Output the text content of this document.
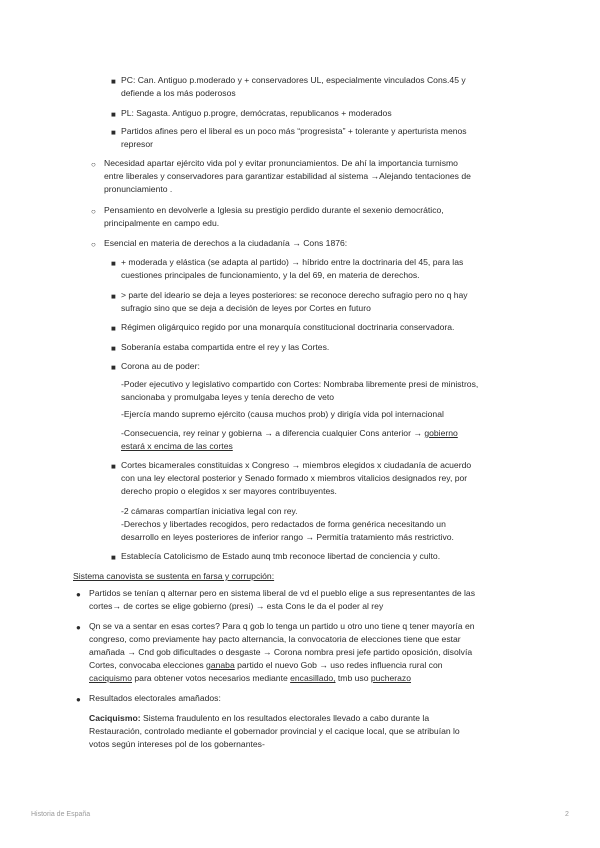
■ PC: Can. Antiguo p.moderado y + conservadores UL, especialmente vinculados Cons.45 y
defiende a los más poderosos
■ PL: Sagasta. Antiguo p.progre, demócratas, republicanos + moderados
■ Partidos afines pero el liberal es un poco más “progresista” + tolerante y aperturista menos
represor
○ Necesidad apartar ejército vida pol y evitar pronunciamientos. De ahí la importancia turnismo
entre liberales y conservadores para garantizar estabilidad al sistema →Alejando tentaciones de
pronunciamiento .
○ Pensamiento en devolverle a Iglesia su prestigio perdido durante el sexenio democrático,
principalmente en campo edu.
○ Esencial en materia de derechos a la ciudadanía → Cons 1876:
■ + moderada y elástica (se adapta al partido) → híbrido entre la doctrinaria del 45, para las
cuestiones principales de funcionamiento, y la del 69, en materia de derechos.
■ > parte del ideario se deja a leyes posteriores: se reconoce derecho sufragio pero no q hay
sufragio sino que se deja a decisión de leyes por Cortes en futuro
■ Régimen oligárquico regido por una monarquía constitucional doctrinaria conservadora.
■ Soberanía estaba compartida entre el rey y las Cortes.
■ Corona au de poder:
-Poder ejecutivo y legislativo compartido con Cortes: Nombraba libremente presi de ministros,
sancionaba y promulgaba leyes y tenía derecho de veto
-Ejercía mando supremo ejército (causa muchos prob) y dirigía vida pol internacional
-Consecuencia, rey reinar y gobierna → a diferencia cualquier Cons anterior → gobierno
estará x encima de las cortes
■ Cortes bicamerales constituidas x Congreso → miembros elegidos x ciudadanía de acuerdo
con una ley electoral posterior y Senado formado x miembros vitalicios designados rey, por
derecho propio o elegidos x ser mayores contribuyentes.
-2 cámaras compartían iniciativa legal con rey.
-Derechos y libertades recogidos, pero redactados de forma genérica necesitando un
desarrollo en leyes posteriores de inferior rango → Permitía tratamiento más restrictivo.
■ Establecía Catolicismo de Estado aunq tmb reconoce libertad de conciencia y culto.
Sistema canovista se sustenta en farsa y corrupción:
● Partidos se tenían q alternar pero en sistema liberal de vd el pueblo elige a sus representantes de las
cortes→ de cortes se elige gobierno (presi) → esta Cons le da el poder al rey
● Qn se va a sentar en esas cortes? Para q gob lo tenga un partido u otro uno tiene q tener mayoría en
congreso, como previamente hay pacto alternancia, la convocatoria de elecciones tiene que estar
amañada → Cnd gob dificultades o desgaste → Corona nombra presi jefe partido oposición, disolvía
Cortes, convocaba elecciones ganaba partido el nuevo Gob → uso redes influencia rural con
caciquismo para obtener votos necesarios mediante encasillado, tmb uso pucherazo
● Resultados electorales amañados:
Caciquismo: Sistema fraudulento en los resultados electorales llevado a cabo durante la
Restauración, controlado mediante el gobernador provincial y el cacique local, que se atribuían lo
votos según intereses pol de los gobernantes-
Historia de España	2
